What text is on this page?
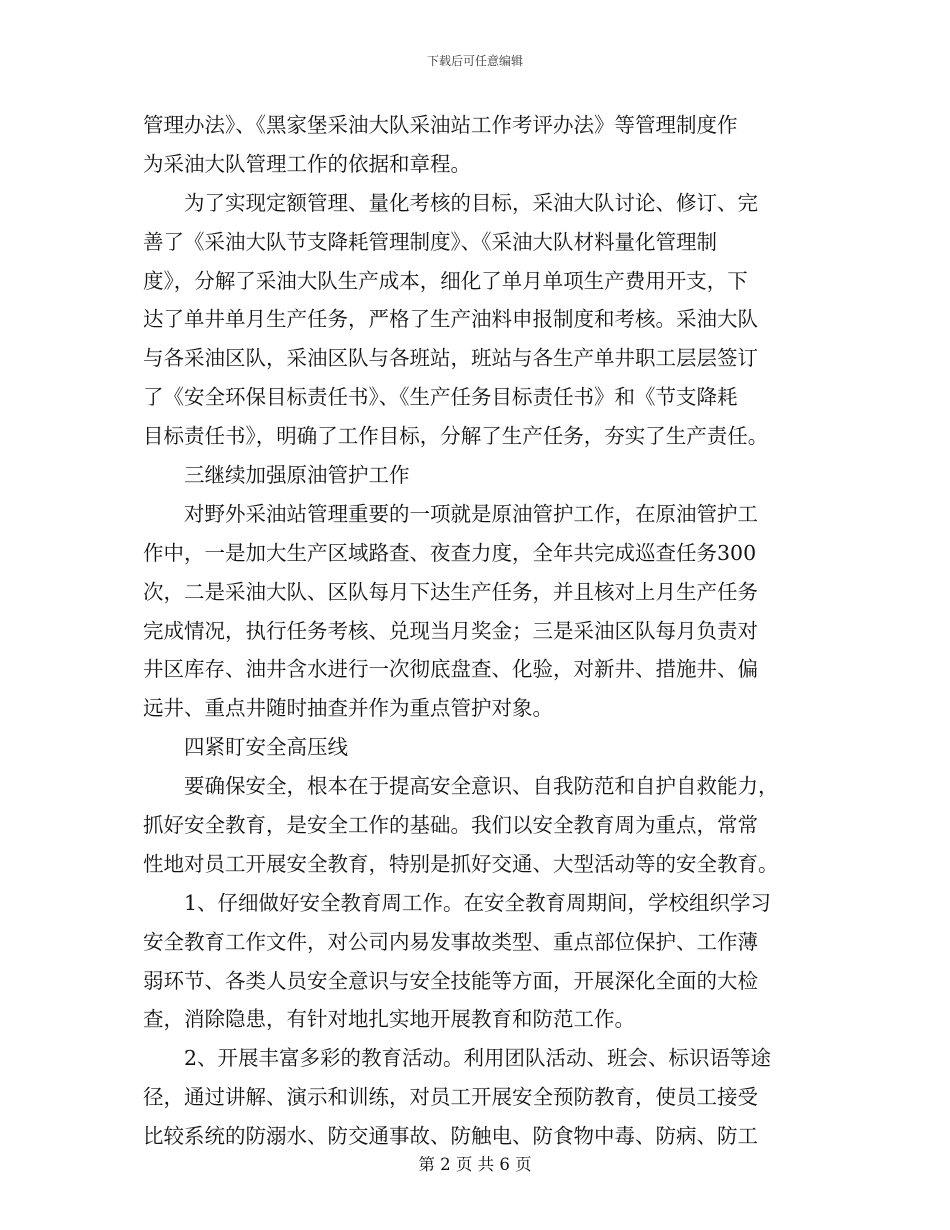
下载后可任意编辑
管理办法》、《黑家堡采油大队采油站工作考评办法》等管理制度作
为采油大队管理工作的依据和章程。
为了实现定额管理、量化考核的目标，采油大队讨论、修订、完
善了《采油大队节支降耗管理制度》、《采油大队材料量化管理制
度》，分解了采油大队生产成本，细化了单月单项生产费用开支，下
达了单井单月生产任务，严格了生产油料申报制度和考核。采油大队
与各采油区队，采油区队与各班站，班站与各生产单井职工层层签订
了《安全环保目标责任书》、《生产任务目标责任书》和《节支降耗
目标责任书》，明确了工作目标，分解了生产任务，夯实了生产责任。
三继续加强原油管护工作
对野外采油站管理重要的一项就是原油管护工作，在原油管护工
作中，一是加大生产区域路查、夜查力度，全年共完成巡查任务300
次，二是采油大队、区队每月下达生产任务，并且核对上月生产任务
完成情况，执行任务考核、兑现当月奖金；三是采油区队每月负责对
井区库存、油井含水进行一次彻底盘查、化验，对新井、措施井、偏
远井、重点井随时抽查并作为重点管护对象。
四紧盯安全高压线
要确保安全，根本在于提高安全意识、自我防范和自护自救能力，
抓好安全教育，是安全工作的基础。我们以安全教育周为重点，常常
性地对员工开展安全教育，特别是抓好交通、大型活动等的安全教育。
1、仔细做好安全教育周工作。在安全教育周期间，学校组织学习
安全教育工作文件，对公司内易发事故类型、重点部位保护、工作薄
弱环节、各类人员安全意识与安全技能等方面，开展深化全面的大检
查，消除隐患，有针对地扎实地开展教育和防范工作。
2、开展丰富多彩的教育活动。利用团队活动、班会、标识语等途
径，通过讲解、演示和训练，对员工开展安全预防教育，使员工接受
比较系统的防溺水、防交通事故、防触电、防食物中毒、防病、防工
第 2 页 共 6 页
